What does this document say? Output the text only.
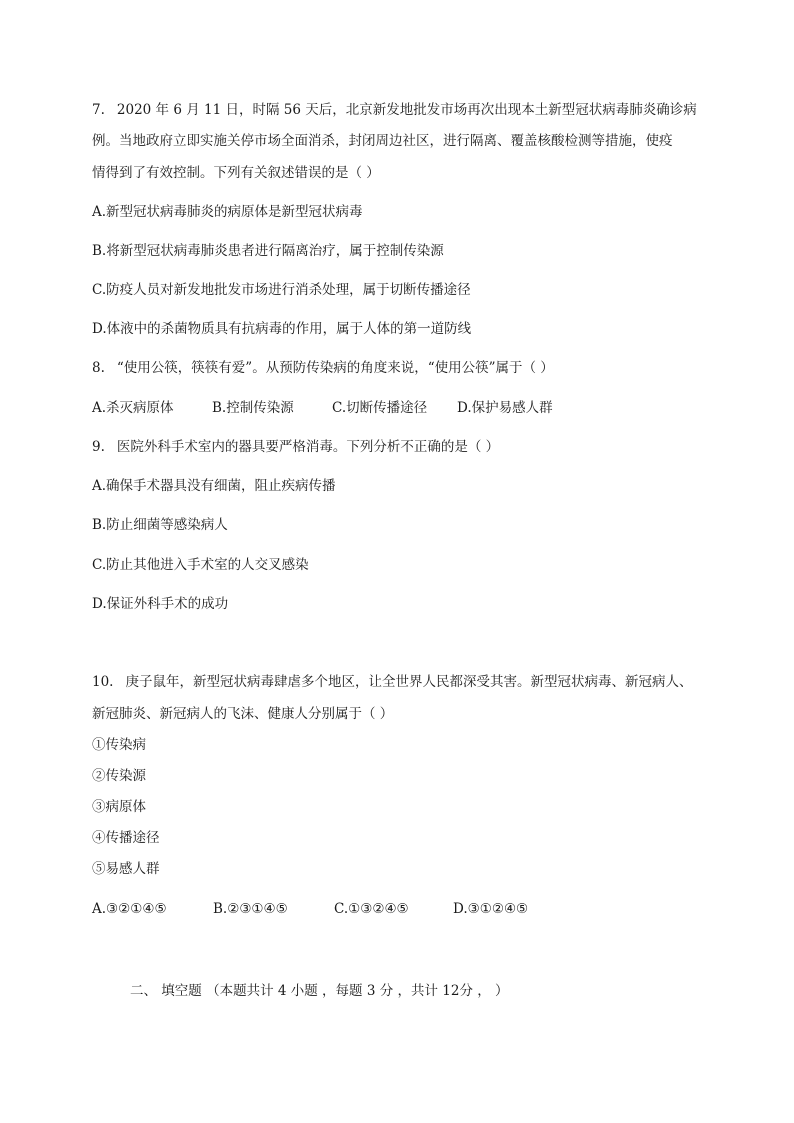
7. 2020 年 6 月 11 日，时隔 56 天后，北京新发地批发市场再次出现本土新型冠状病毒肺炎确诊病
例。当地政府立即实施关停市场全面消杀，封闭周边社区，进行隔离、覆盖核酸检测等措施，使疫
情得到了有效控制。下列有关叙述错误的是（ ）
A.新型冠状病毒肺炎的病原体是新型冠状病毒
B.将新型冠状病毒肺炎患者进行隔离治疗，属于控制传染源
C.防疫人员对新发地批发市场进行消杀处理，属于切断传播途径
D.体液中的杀菌物质具有抗病毒的作用，属于人体的第一道防线
8. “使用公筷，筷筷有爱”。从预防传染病的角度来说，“使用公筷”属于（ ）
A.杀灭病原体	B.控制传染源	C.切断传播途径 D.保护易感人群
9. 医院外科手术室内的器具要严格消毒。下列分析不正确的是（ ）
A.确保手术器具没有细菌，阻止疾病传播
B.防止细菌等感染病人
C.防止其他进入手术室的人交叉感染
D.保证外科手术的成功
10. 庚子鼠年，新型冠状病毒肆虐多个地区，让全世界人民都深受其害。新型冠状病毒、新冠病人、
新冠肺炎、新冠病人的飞沫、健康人分别属于（ ）
①传染病
②传染源
③病原体
④传播途径
⑤易感人群
A.③②①④⑤	B.②③①④⑤	C.①③②④⑤	D.③①②④⑤
二、 填空题 （本题共计 4 小题 ，每题 3 分 ，共计 12分 ， ）
